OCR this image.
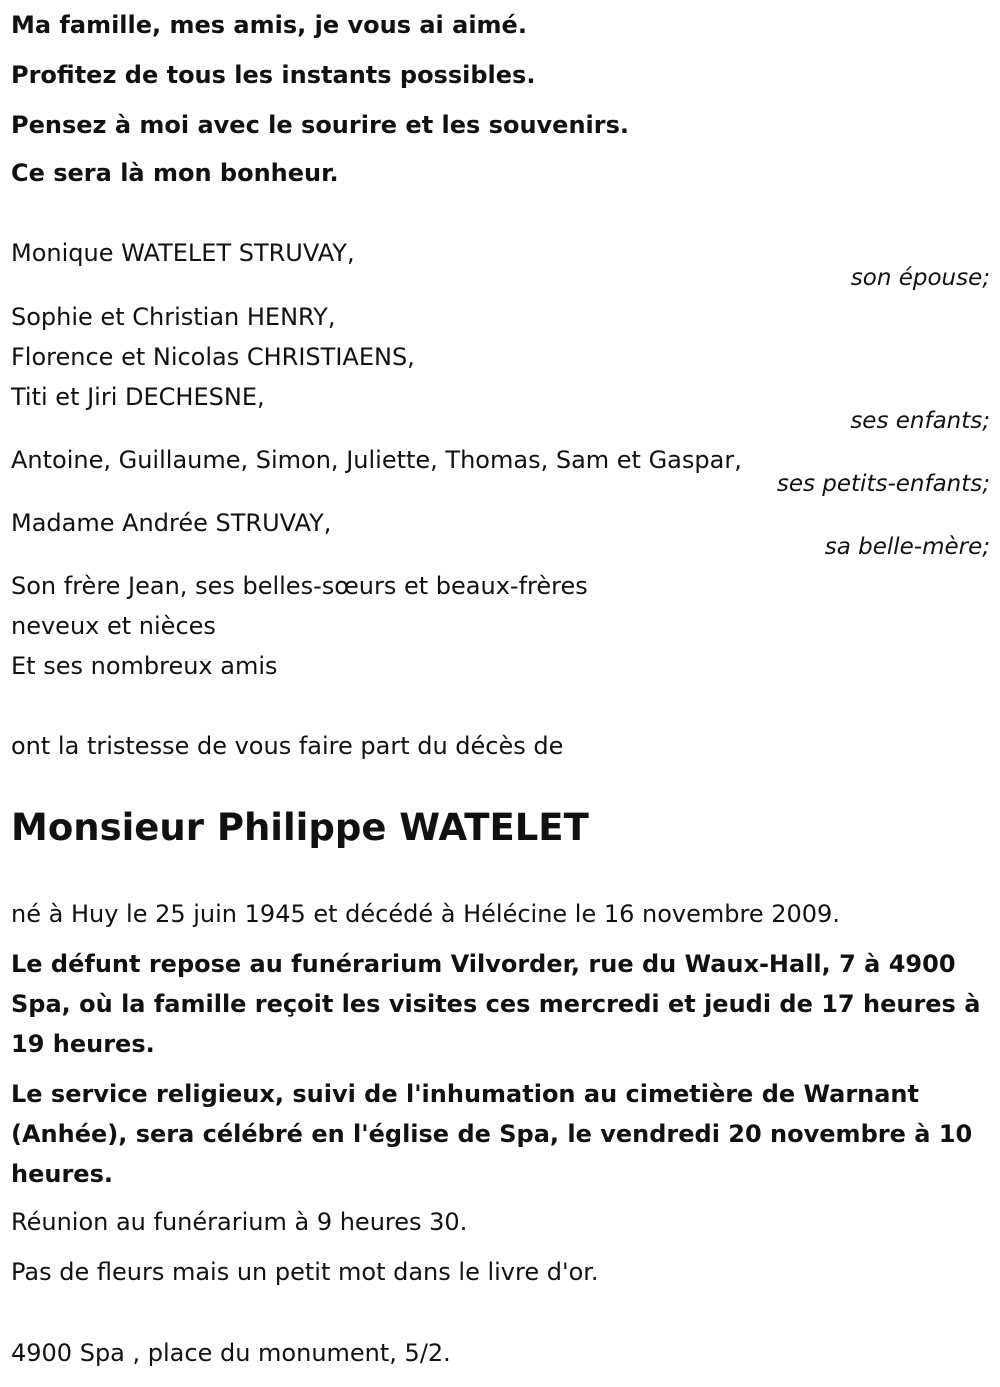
Ma famille, mes amis, je vous ai aimé.
Profitez de tous les instants possibles.
Pensez à moi avec le sourire et les souvenirs.
Ce sera là mon bonheur.
Monique WATELET STRUVAY,
son épouse;
Sophie et Christian HENRY,
Florence et Nicolas CHRISTIAENS,
Titi et Jiri DECHESNE,
ses enfants;
Antoine, Guillaume, Simon, Juliette, Thomas, Sam et Gaspar,
ses petits-enfants;
Madame Andrée STRUVAY,
sa belle-mère;
Son frère Jean, ses belles-sœurs et beaux-frères
neveux et nièces
Et ses nombreux amis
ont la tristesse de vous faire part du décès de
Monsieur Philippe WATELET
né à Huy le 25 juin 1945 et décédé à Hélécine le 16 novembre 2009.
Le défunt repose au funérarium Vilvorder, rue du Waux-Hall, 7 à 4900 Spa, où la famille reçoit les visites ces mercredi et jeudi de 17 heures à 19 heures.
Le service religieux, suivi de l'inhumation au cimetière de Warnant (Anhée), sera célébré en l'église de Spa, le vendredi 20 novembre à 10 heures.
Réunion au funérarium à 9 heures 30.
Pas de fleurs mais un petit mot dans le livre d'or.
4900 Spa , place du monument, 5/2.
